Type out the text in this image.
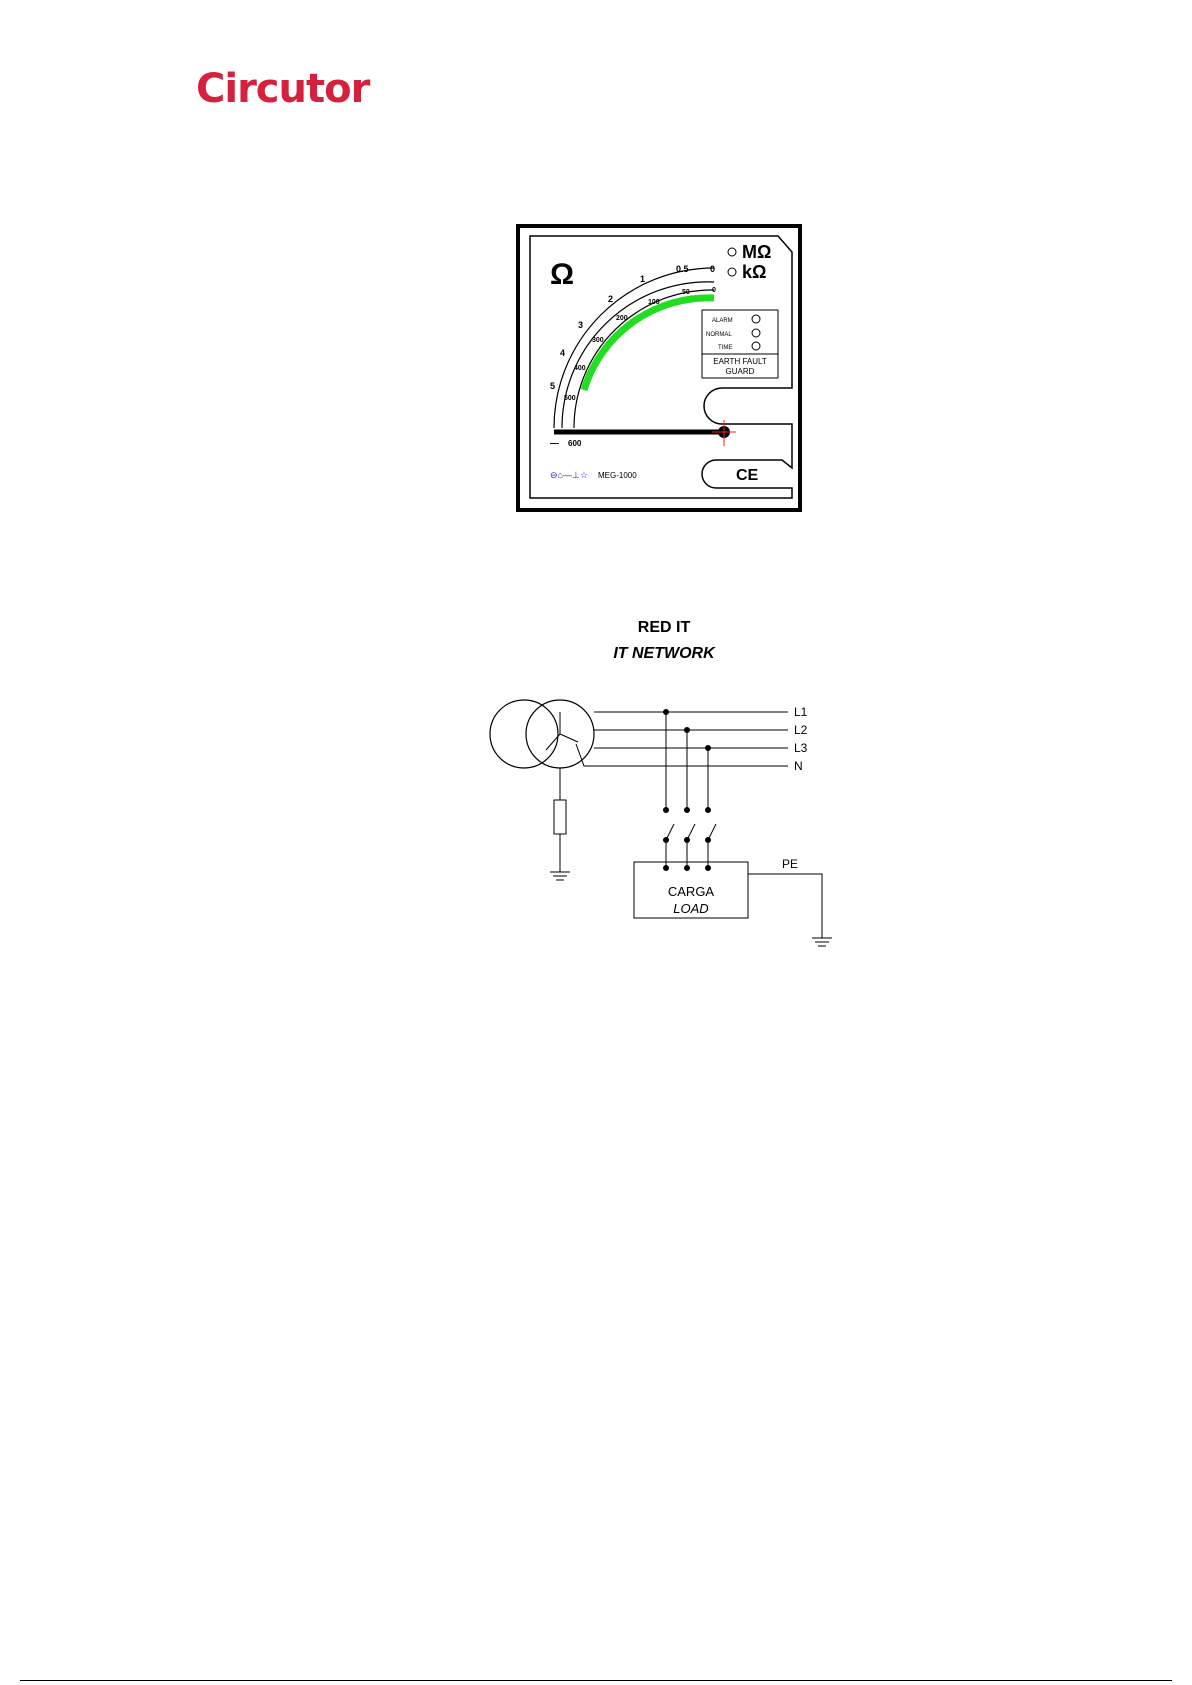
Circutor
Ω
MΩ
kΩ
5
4
3
2
1
0.5 0
500
400
300
200
100
50	0
— 600
ALARM
NORMAL
TIME
EARTH FAULT
GUARD
MEG-1000
⊖⌂—⊥☆	CE
RED IT
IT NETWORK
L1
L2
L3
N
CARGA
LOAD
PE
